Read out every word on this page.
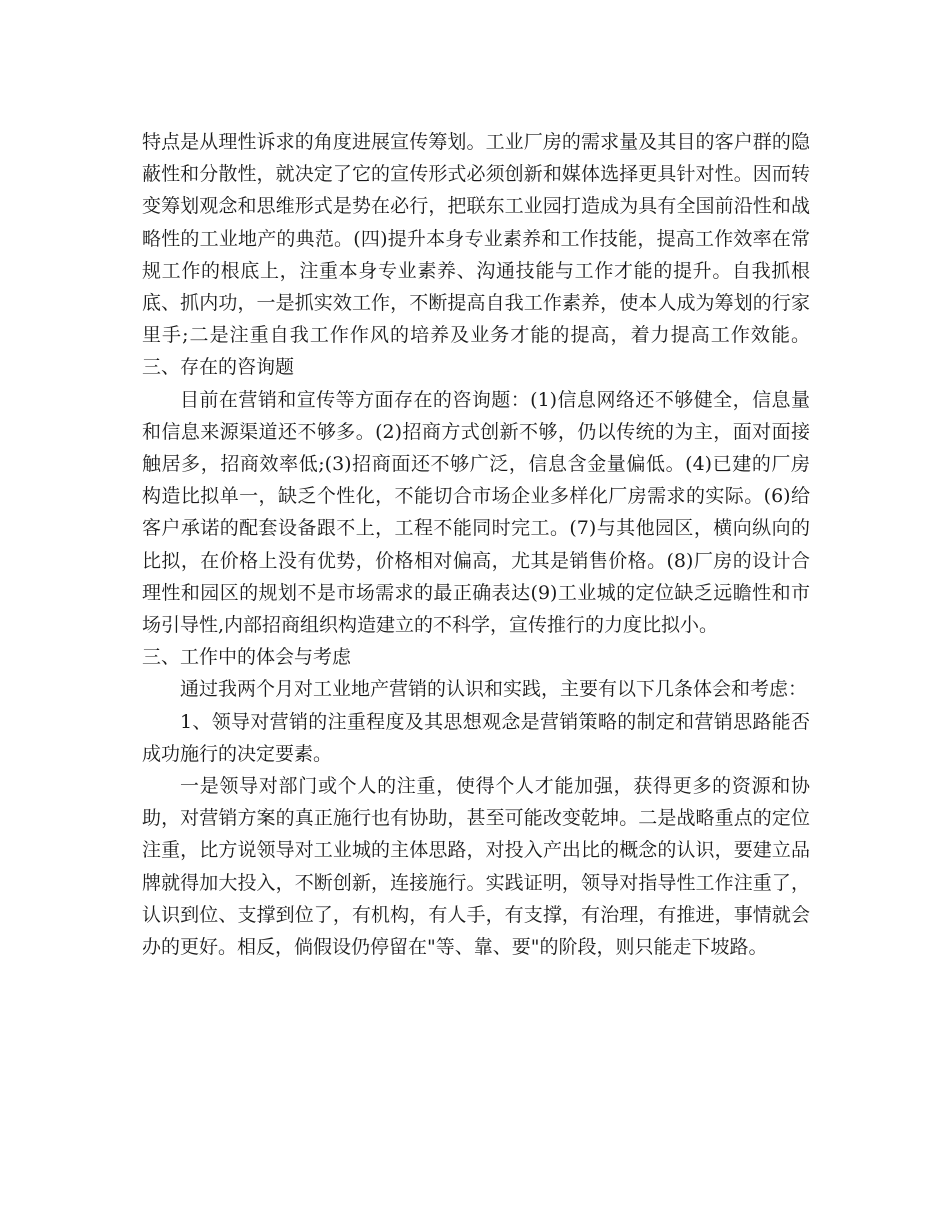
特点是从理性诉求的角度进展宣传筹划。工业厂房的需求量及其目的客户群的隐蔽性和分散性，就决定了它的宣传形式必须创新和媒体选择更具针对性。因而转变筹划观念和思维形式是势在必行，把联东工业园打造成为具有全国前沿性和战略性的工业地产的典范。(四)提升本身专业素养和工作技能，提高工作效率在常规工作的根底上，注重本身专业素养、沟通技能与工作才能的提升。自我抓根底、抓内功，一是抓实效工作，不断提高自我工作素养，使本人成为筹划的行家里手;二是注重自我工作作风的培养及业务才能的提高，着力提高工作效能。三、存在的咨询题

目前在营销和宣传等方面存在的咨询题：(1)信息网络还不够健全，信息量和信息来源渠道还不够多。(2)招商方式创新不够，仍以传统的为主，面对面接触居多，招商效率低;(3)招商面还不够广泛，信息含金量偏低。(4)已建的厂房构造比拟单一，缺乏个性化，不能切合市场企业多样化厂房需求的实际。(6)给客户承诺的配套设备跟不上，工程不能同时完工。(7)与其他园区，横向纵向的比拟，在价格上没有优势，价格相对偏高，尤其是销售价格。(8)厂房的设计合理性和园区的规划不是市场需求的最正确表达(9)工业城的定位缺乏远瞻性和市场引导性,内部招商组织构造建立的不科学，宣传推行的力度比拟小。

三、工作中的体会与考虑

通过我两个月对工业地产营销的认识和实践，主要有以下几条体会和考虑：

1、领导对营销的注重程度及其思想观念是营销策略的制定和营销思路能否成功施行的决定要素。

一是领导对部门或个人的注重，使得个人才能加强，获得更多的资源和协助，对营销方案的真正施行也有协助，甚至可能改变乾坤。二是战略重点的定位注重，比方说领导对工业城的主体思路，对投入产出比的概念的认识，要建立品牌就得加大投入，不断创新，连接施行。实践证明，领导对指导性工作注重了，认识到位、支撑到位了，有机构，有人手，有支撑，有治理，有推进，事情就会办的更好。相反，倘假设仍停留在"等、靠、要"的阶段，则只能走下坡路。
